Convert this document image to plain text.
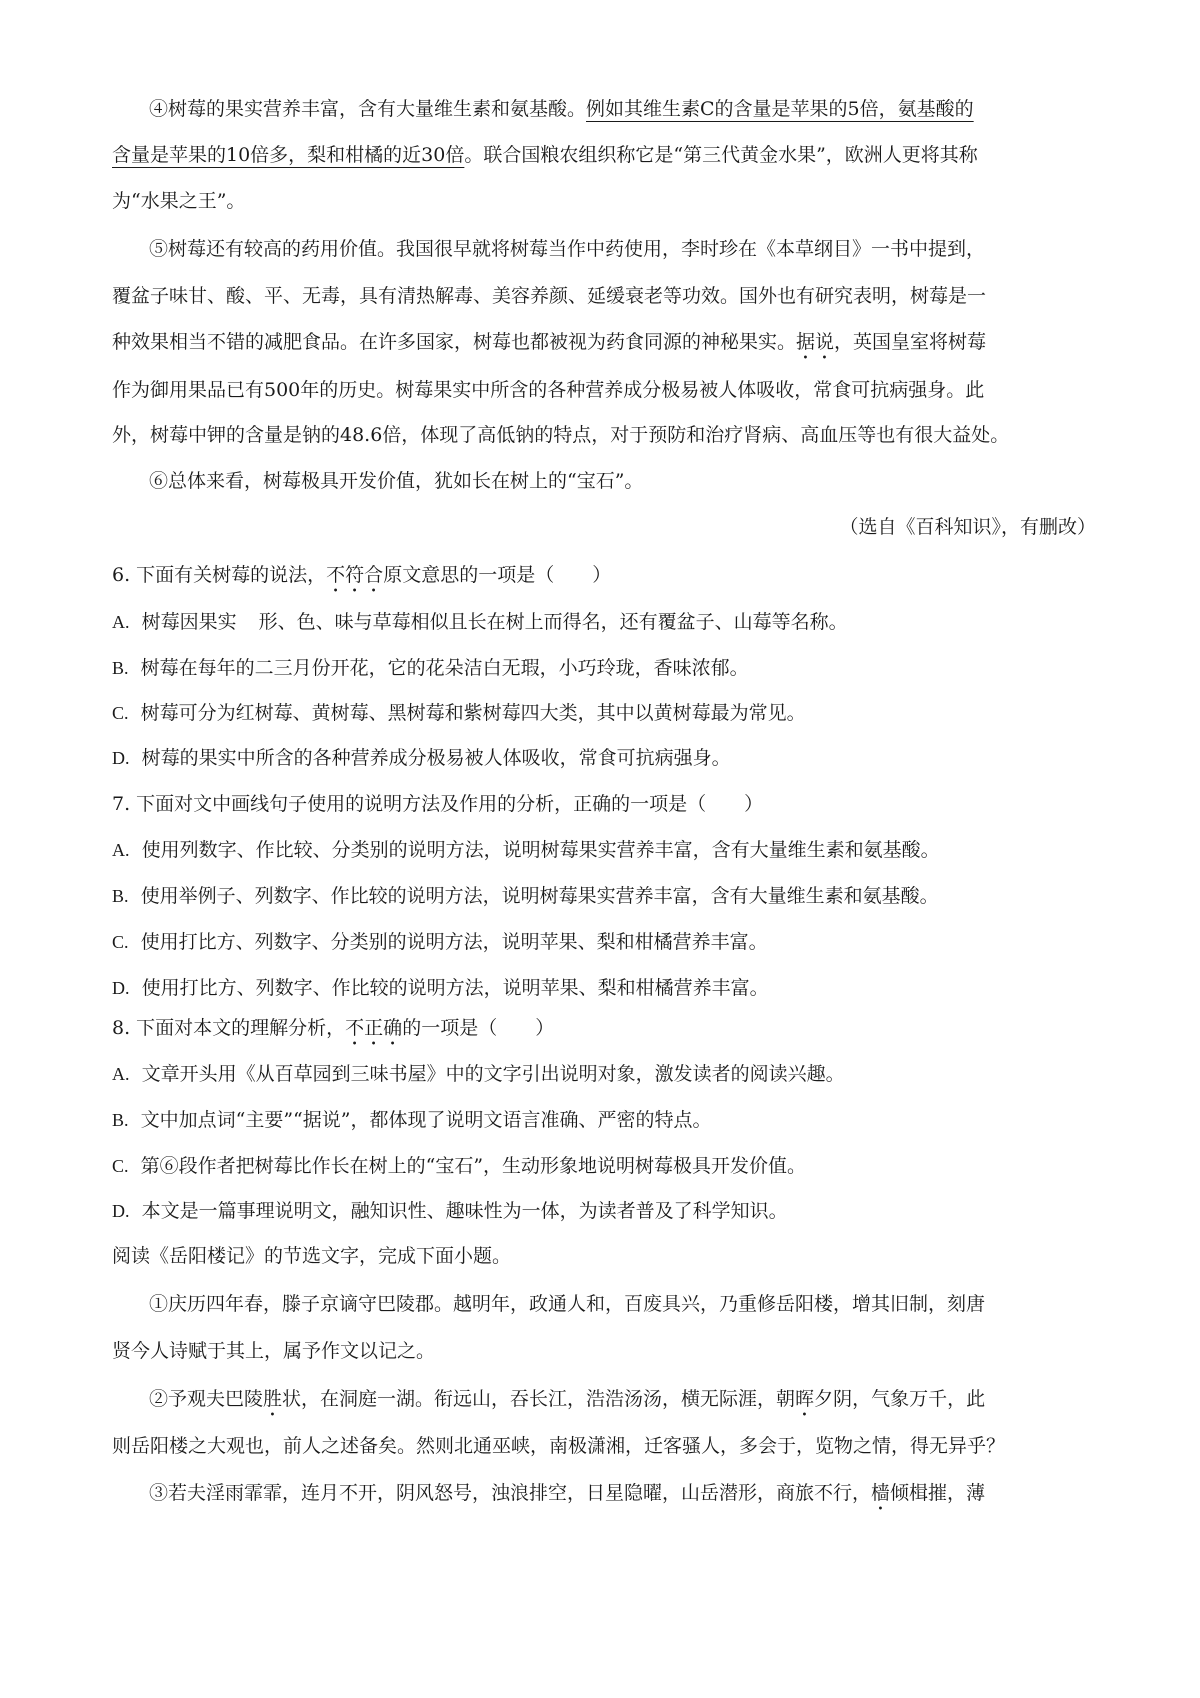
④树莓的果实营养丰富，含有大量维生素和氨基酸。例如其维生素C的含量是苹果的5倍，氨基酸的
含量是苹果的10倍多，梨和柑橘的近30倍。联合国粮农组织称它是“第三代黄金水果”，欧洲人更将其称
为“水果之王”。
⑤树莓还有较高的药用价值。我国很早就将树莓当作中药使用，李时珍在《本草纲目》一书中提到，
覆盆子味甘、酸、平、无毒，具有清热解毒、美容养颜、延缓衰老等功效。国外也有研究表明，树莓是一
种效果相当不错的减肥食品。在许多国家，树莓也都被视为药食同源的神秘果实。据说，英国皇室将树莓
作为御用果品已有500年的历史。树莓果实中所含的各种营养成分极易被人体吸收，常食可抗病强身。此
外，树莓中钾的含量是钠的48.6倍，体现了高低钠的特点，对于预防和治疗肾病、高血压等也有很大益处。
⑥总体来看，树莓极具开发价值，犹如长在树上的“宝石”。
（选自《百科知识》，有删改）
6. 下面有关树莓的说法，不符合原文意思的一项是（　　）
A. 树莓因果实 形、色、味与草莓相似且长在树上而得名，还有覆盆子、山莓等名称。
B. 树莓在每年的二三月份开花，它的花朵洁白无瑕，小巧玲珑，香味浓郁。
C. 树莓可分为红树莓、黄树莓、黑树莓和紫树莓四大类，其中以黄树莓最为常见。
D. 树莓的果实中所含的各种营养成分极易被人体吸收，常食可抗病强身。
7. 下面对文中画线句子使用的说明方法及作用的分析，正确的一项是（　　）
A. 使用列数字、作比较、分类别的说明方法，说明树莓果实营养丰富，含有大量维生素和氨基酸。
B. 使用举例子、列数字、作比较的说明方法，说明树莓果实营养丰富，含有大量维生素和氨基酸。
C. 使用打比方、列数字、分类别的说明方法，说明苹果、梨和柑橘营养丰富。
D. 使用打比方、列数字、作比较的说明方法，说明苹果、梨和柑橘营养丰富。
8. 下面对本文的理解分析，不正确的一项是（　　）
A. 文章开头用《从百草园到三味书屋》中的文字引出说明对象，激发读者的阅读兴趣。
B. 文中加点词“主要”“据说”，都体现了说明文语言准确、严密的特点。
C. 第⑥段作者把树莓比作长在树上的“宝石”，生动形象地说明树莓极具开发价值。
D. 本文是一篇事理说明文，融知识性、趣味性为一体，为读者普及了科学知识。
阅读《岳阳楼记》的节选文字，完成下面小题。
①庆历四年春，滕子京谪守巴陵郡。越明年，政通人和，百废具兴，乃重修岳阳楼，增其旧制，刻唐
贤今人诗赋于其上，属予作文以记之。
②予观夫巴陵胜状，在洞庭一湖。衔远山，吞长江，浩浩汤汤，横无际涯，朝晖夕阴，气象万千，此
则岳阳楼之大观也，前人之述备矣。然则北通巫峡，南极潇湘，迁客骚人，多会于，览物之情，得无异乎？
③若夫淫雨霏霏，连月不开，阴风怒号，浊浪排空，日星隐曜，山岳潜形，商旅不行，樯倾楫摧，薄
